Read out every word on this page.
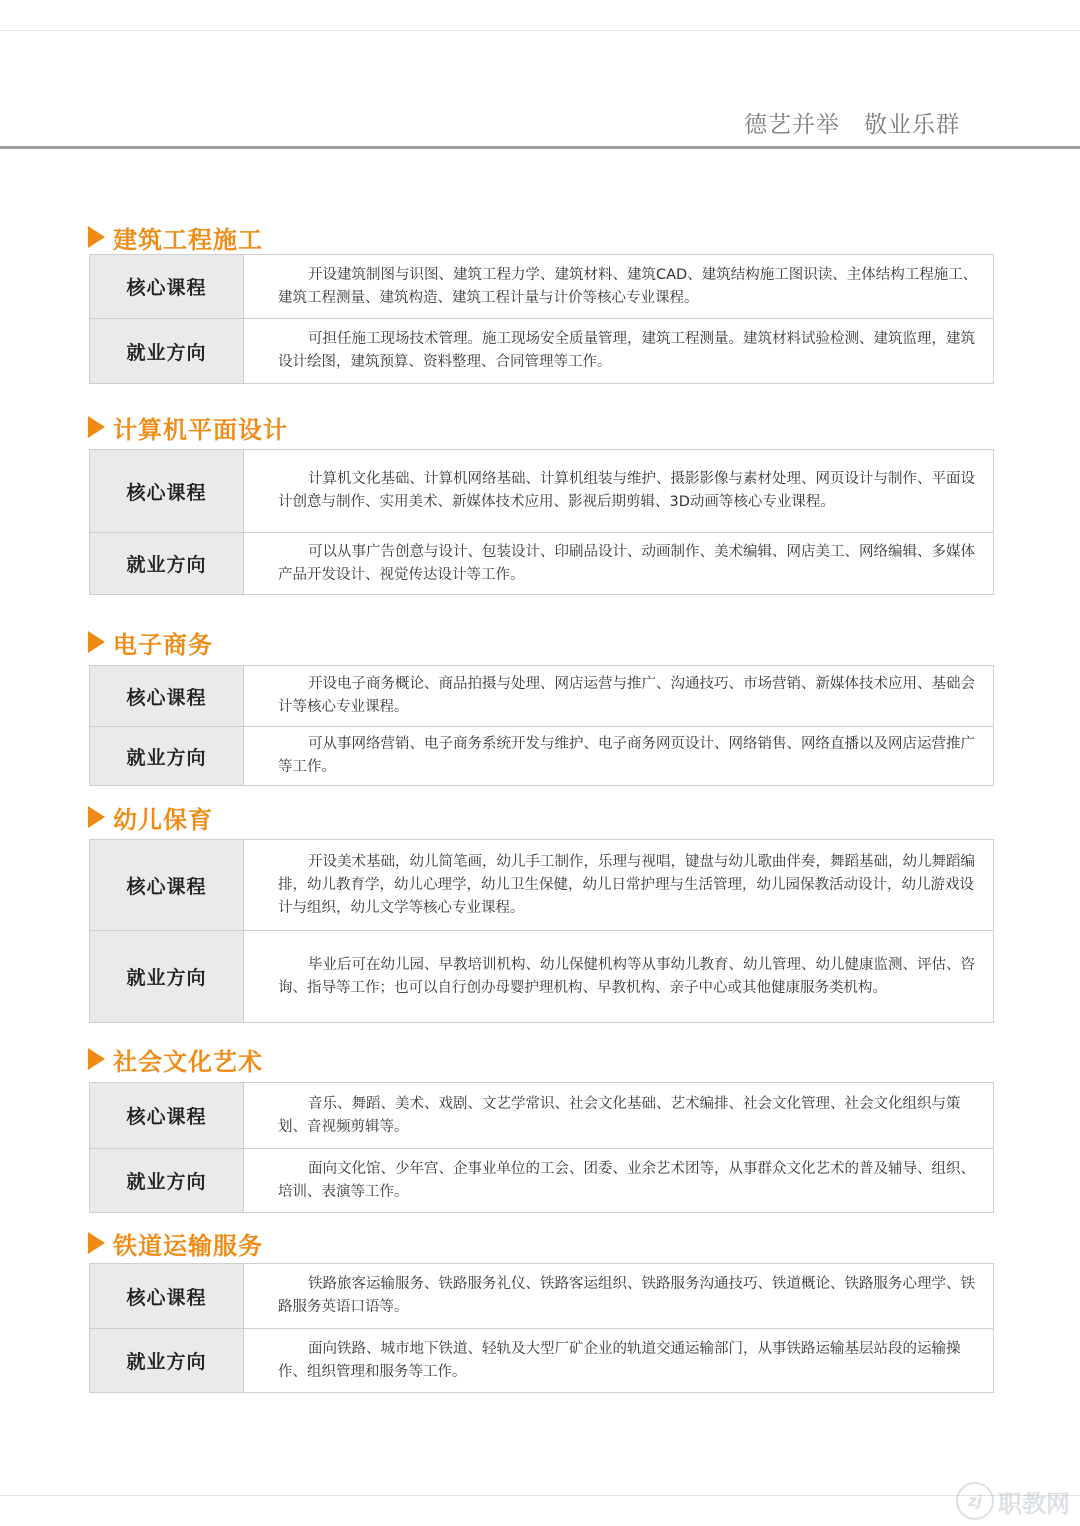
德艺并举　敬业乐群
建筑工程施工
核心课程	开设建筑制图与识图、建筑工程力学、建筑材料、建筑CAD、建筑结构施工图识读、主体结构工程施工、建筑工程测量、建筑构造、建筑工程计量与计价等核心专业课程。
就业方向	可担任施工现场技术管理。施工现场安全质量管理，建筑工程测量。建筑材料试验检测、建筑监理，建筑设计绘图，建筑预算、资料整理、合同管理等工作。
计算机平面设计
核心课程	计算机文化基础、计算机网络基础、计算机组装与维护、摄影影像与素材处理、网页设计与制作、平面设计创意与制作、实用美术、新媒体技术应用、影视后期剪辑、3D动画等核心专业课程。
就业方向	可以从事广告创意与设计、包装设计、印刷品设计、动画制作、美术编辑、网店美工、网络编辑、多媒体产品开发设计、视觉传达设计等工作。
电子商务
核心课程	开设电子商务概论、商品拍摄与处理、网店运营与推广、沟通技巧、市场营销、新媒体技术应用、基础会计等核心专业课程。
就业方向	可从事网络营销、电子商务系统开发与维护、电子商务网页设计、网络销售、网络直播以及网店运营推广等工作。
幼儿保育
核心课程	开设美术基础，幼儿简笔画，幼儿手工制作，乐理与视唱，键盘与幼儿歌曲伴奏，舞蹈基础，幼儿舞蹈编排，幼儿教育学，幼儿心理学，幼儿卫生保健，幼儿日常护理与生活管理，幼儿园保教活动设计，幼儿游戏设计与组织，幼儿文学等核心专业课程。
就业方向	毕业后可在幼儿园、早教培训机构、幼儿保健机构等从事幼儿教育、幼儿管理、幼儿健康监测、评估、咨询、指导等工作；也可以自行创办母婴护理机构、早教机构、亲子中心或其他健康服务类机构。
社会文化艺术
核心课程	音乐、舞蹈、美术、戏剧、文艺学常识、社会文化基础、艺术编排、社会文化管理、社会文化组织与策划、音视频剪辑等。
就业方向	面向文化馆、少年宫、企事业单位的工会、团委、业余艺术团等，从事群众文化艺术的普及辅导、组织、培训、表演等工作。
铁道运输服务
核心课程	铁路旅客运输服务、铁路服务礼仪、铁路客运组织、铁路服务沟通技巧、铁道概论、铁路服务心理学、铁路服务英语口语等。
就业方向	面向铁路、城市地下铁道、轻轨及大型厂矿企业的轨道交通运输部门，从事铁路运输基层站段的运输操作、组织管理和服务等工作。
zj 职教网
